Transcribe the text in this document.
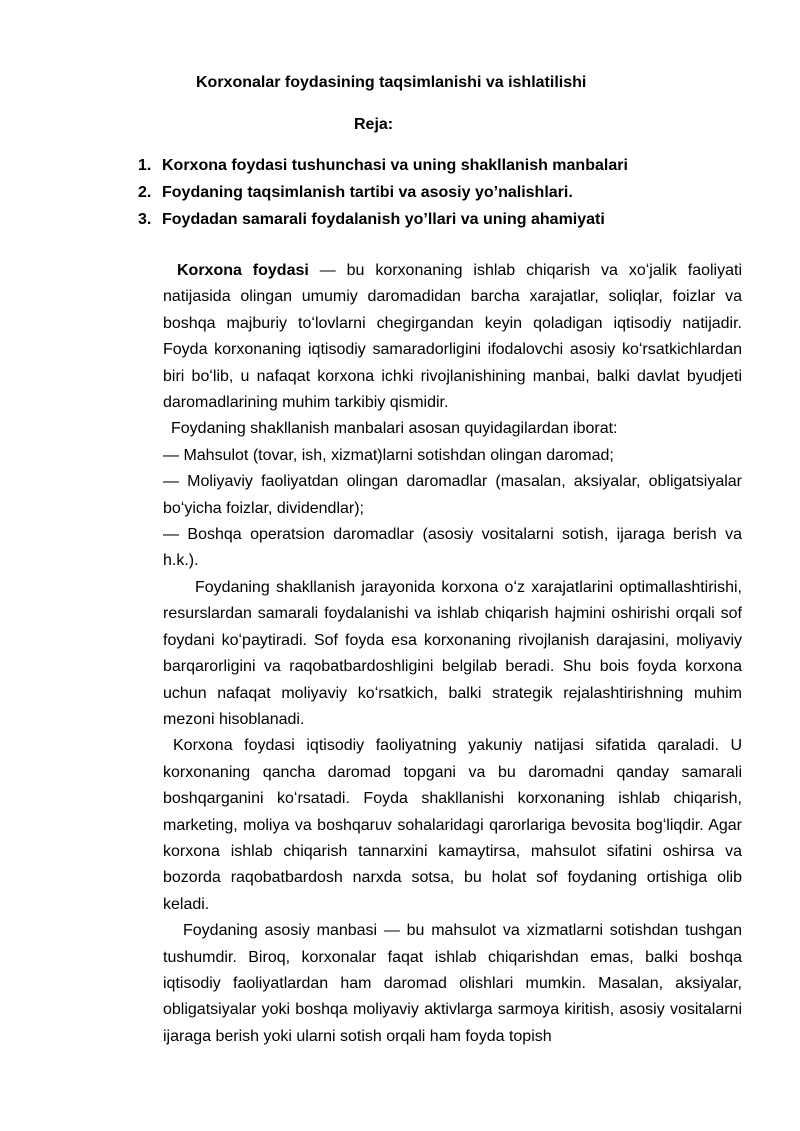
Korxonalar foydasining taqsimlanishi va ishlatilishi
Reja:
1. Korxona foydasi tushunchasi va uning shakllanish manbalari
2. Foydaning taqsimlanish tartibi va asosiy yo’nalishlari.
3. Foydadan samarali foydalanish yo’llari va uning ahamiyati

Korxona foydasi — bu korxonaning ishlab chiqarish va xoʻjalik faoliyati natijasida olingan umumiy daromadidan barcha xarajatlar, soliqlar, foizlar va boshqa majburiy toʻlovlarni chegirgandan keyin qoladigan iqtisodiy natijadir. Foyda korxonaning iqtisodiy samaradorligini ifodalovchi asosiy koʻrsatkichlardan biri boʻlib, u nafaqat korxona ichki rivojlanishining manbai, balki davlat byudjeti daromadlarining muhim tarkibiy qismidir.

Foydaning shakllanish manbalari asosan quyidagilardan iborat:

— Mahsulot (tovar, ish, xizmat)larni sotishdan olingan daromad;

— Moliyaviy faoliyatdan olingan daromadlar (masalan, aksiyalar, obligatsiyalar boʻyicha foizlar, dividendlar);

— Boshqa operatsion daromadlar (asosiy vositalarni sotish, ijaraga berish va h.k.).

Foydaning shakllanish jarayonida korxona oʻz xarajatlarini optimallashtirishi, resurslardan samarali foydalanishi va ishlab chiqarish hajmini oshirishi orqali sof foydani koʻpaytiradi. Sof foyda esa korxonaning rivojlanish darajasini, moliyaviy barqarorligini va raqobatbardoshligini belgilab beradi. Shu bois foyda korxona uchun nafaqat moliyaviy koʻrsatkich, balki strategik rejalashtirishning muhim mezoni hisoblanadi.

Korxona foydasi iqtisodiy faoliyatning yakuniy natijasi sifatida qaraladi. U korxonaning qancha daromad topgani va bu daromadni qanday samarali boshqarganini koʻrsatadi. Foyda shakllanishi korxonaning ishlab chiqarish, marketing, moliya va boshqaruv sohalaridagi qarorlariga bevosita bogʻliqdir. Agar korxona ishlab chiqarish tannarxini kamaytirsa, mahsulot sifatini oshirsa va bozorda raqobatbardosh narxda sotsa, bu holat sof foydaning ortishiga olib keladi.

Foydaning asosiy manbasi — bu mahsulot va xizmatlarni sotishdan tushgan tushumdir. Biroq, korxonalar faqat ishlab chiqarishdan emas, balki boshqa iqtisodiy faoliyatlardan ham daromad olishlari mumkin. Masalan, aksiyalar, obligatsiyalar yoki boshqa moliyaviy aktivlarga sarmoya kiritish, asosiy vositalarni ijaraga berish yoki ularni sotish orqali ham foyda topish
